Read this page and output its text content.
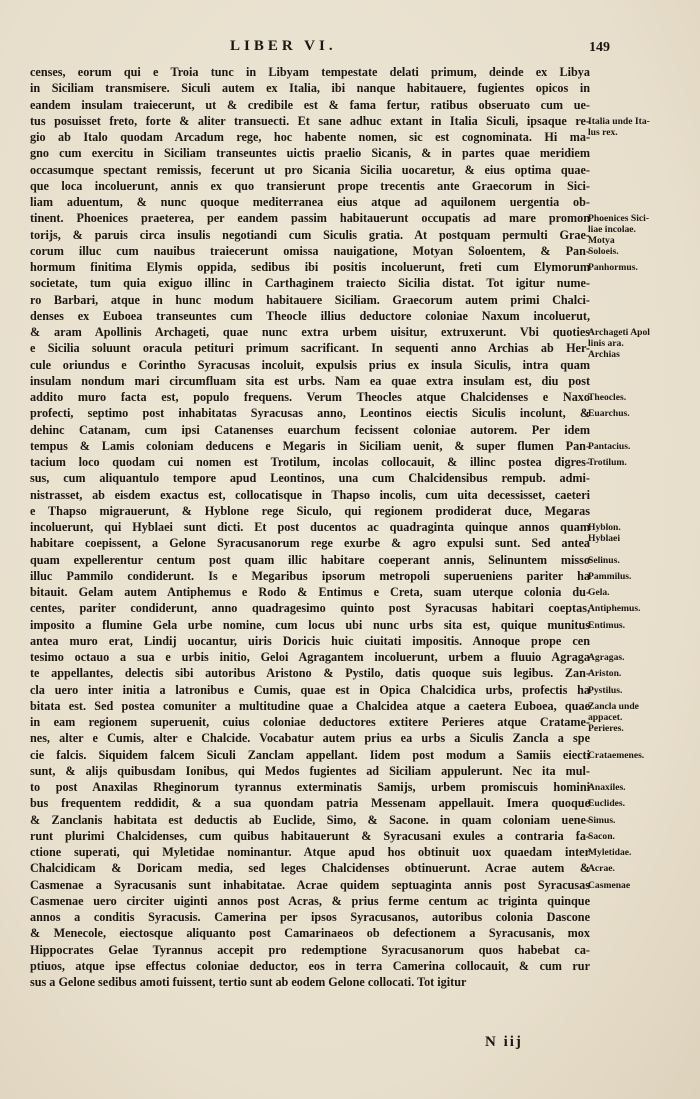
LIBER VI.	149
censes, eorum qui e Troia tunc in Libyam tempestate delati primum, deinde ex Libya
in Siciliam transmisere. Siculi autem ex Italia, ibi nanque habitauere, fugientes opicos in
eandem insulam traiecerunt, ut & credibile est & fama fertur, ratibus obseruato cum ue-
tus posuisset freto, forte & aliter transuecti. Et sane adhuc extant in Italia Siculi, ipsaque re-
gio ab Italo quodam Arcadum rege, hoc habente nomen, sic est cognominata. Hi ma-
gno cum exercitu in Siciliam transeuntes uictis praelio Sicanis, & in partes quae meridiem
occasumque spectant remissis, fecerunt ut pro Sicania Sicilia uocaretur, & eius optima quae-
que loca incoluerunt, annis ex quo transierunt prope trecentis ante Graecorum in Sici-
liam aduentum, & nunc quoque mediterranea eius atque ad aquilonem uergentia ob-
tinent. Phoenices praeterea, per eandem passim habitauerunt occupatis ad mare promon
torijs, & paruis circa insulis negotiandi cum Siculis gratia. At postquam permulti Grae-
corum illuc cum nauibus traiecerunt omissa nauigatione, Motyan Soloentem, & Pan-
hormum finitima Elymis oppida, sedibus ibi positis incoluerunt, freti cum Elymorum
societate, tum quia exiguo illinc in Carthaginem traiecto Sicilia distat. Tot igitur nume-
ro Barbari, atque in hunc modum habitauere Siciliam. Graecorum autem primi Chalci-
denses ex Euboea transeuntes cum Theocle illius deductore coloniae Naxum incoluerut,
& aram Apollinis Archageti, quae nunc extra urbem uisitur, extruxerunt. Vbi quoties
e Sicilia soluunt oracula petituri primum sacrificant. In sequenti anno Archias ab Her-
cule oriundus e Corintho Syracusas incoluit, expulsis prius ex insula Siculis, intra quam
insulam nondum mari circumfluam sita est urbs. Nam ea quae extra insulam est, diu post
addito muro facta est, populo frequens. Verum Theocles atque Chalcidenses e Naxo
profecti, septimo post inhabitatas Syracusas anno, Leontinos eiectis Siculis incolunt, &
dehinc Catanam, cum ipsi Catanenses euarchum fecissent coloniae autorem. Per idem
tempus & Lamis coloniam deducens e Megaris in Siciliam uenit, & super flumen Pan-
tacium loco quodam cui nomen est Trotilum, incolas collocauit, & illinc postea digres-
sus, cum aliquantulo tempore apud Leontinos, una cum Chalcidensibus rempub. admi-
nistrasset, ab eisdem exactus est, collocatisque in Thapso incolis, cum uita decessisset, caeteri
e Thapso migrauerunt, & Hyblone rege Siculo, qui regionem prodiderat duce, Megaras
incoluerunt, qui Hyblaei sunt dicti. Et post ducentos ac quadraginta quinque annos quam
habitare coepissent, a Gelone Syracusanorum rege exurbe & agro expulsi sunt. Sed antea
quam expellerentur centum post quam illic habitare coeperant annis, Selinuntem misso
illuc Pammilo condiderunt. Is e Megaribus ipsorum metropoli superueniens pariter ha
bitauit. Gelam autem Antiphemus e Rodo & Entimus e Creta, suam uterque colonia du-
centes, pariter condiderunt, anno quadragesimo quinto post Syracusas habitari coeptas,
imposito a flumine Gela urbe nomine, cum locus ubi nunc urbs sita est, quique munitus
antea muro erat, Lindij uocantur, uiris Doricis huic ciuitati impositis. Annoque prope cen
tesimo octauo a sua e urbis initio, Geloi Agragantem incoluerunt, urbem a fluuio Agraga
te appellantes, delectis sibi autoribus Aristono & Pystilo, datis quoque suis legibus. Zan-
cla uero inter initia a latronibus e Cumis, quae est in Opica Chalcidica urbs, profectis ha
bitata est. Sed postea comuniter a multitudine quae a Chalcidea atque a caetera Euboea, quae
in eam regionem superuenit, cuius coloniae deductores extitere Perieres atque Cratame-
nes, alter e Cumis, alter e Chalcide. Vocabatur autem prius ea urbs a Siculis Zancla a spe
cie falcis. Siquidem falcem Siculi Zanclam appellant. Iidem post modum a Samiis eiecti
sunt, & alijs quibusdam Ionibus, qui Medos fugientes ad Siciliam appulerunt. Nec ita mul-
to post Anaxilas Rheginorum tyrannus exterminatis Samijs, urbem promiscuis homini
bus frequentem reddidit, & a sua quondam patria Messenam appellauit. Imera quoque
& Zanclanis habitata est deductis ab Euclide, Simo, & Sacone. in quam coloniam uene-
runt plurimi Chalcidenses, cum quibus habitauerunt & Syracusani exules a contraria fa-
ctione superati, qui Myletidae nominantur. Atque apud hos obtinuit uox quaedam inter
Chalcidicam & Doricam media, sed leges Chalcidenses obtinuerunt. Acrae autem &
Casmenae a Syracusanis sunt inhabitatae. Acrae quidem septuaginta annis post Syracusas
Casmenae uero circiter uiginti annos post Acras, & prius ferme centum ac triginta quinque
annos a conditis Syracusis. Camerina per ipsos Syracusanos, autoribus colonia Dascone
& Menecole, eiectosque aliquanto post Camarinaeos ob defectionem a Syracusanis, mox
Hippocrates Gelae Tyrannus accepit pro redemptione Syracusanorum quos habebat ca-
ptiuos, atque ipse effectus coloniae deductor, eos in terra Camerina collocauit, & cum rur
sus a Gelone sedibus amoti fuissent, tertio sunt ab eodem Gelone collocati. Tot igitur
Italia unde Ita-
lus rex.
Phoenices Sici-
liae incolae.
Motya
Soloeis.
Panhormus.
Archageti Apol
linis ara.
Archias
Theocles.
Euarchus.
Pantacius.
Trotilum.
Hyblon.
Hyblaei
Selinus.
Pammilus.
Gela.
Antiphemus.
Entimus.
Agragas.
Ariston.
Pystilus.
Zancla unde
appacet.
Perieres.
Crataemenes.
Anaxiles.
Euclides.
Simus.
Sacon.
Myletidae.
Acrae.
Casmenae
N iij
